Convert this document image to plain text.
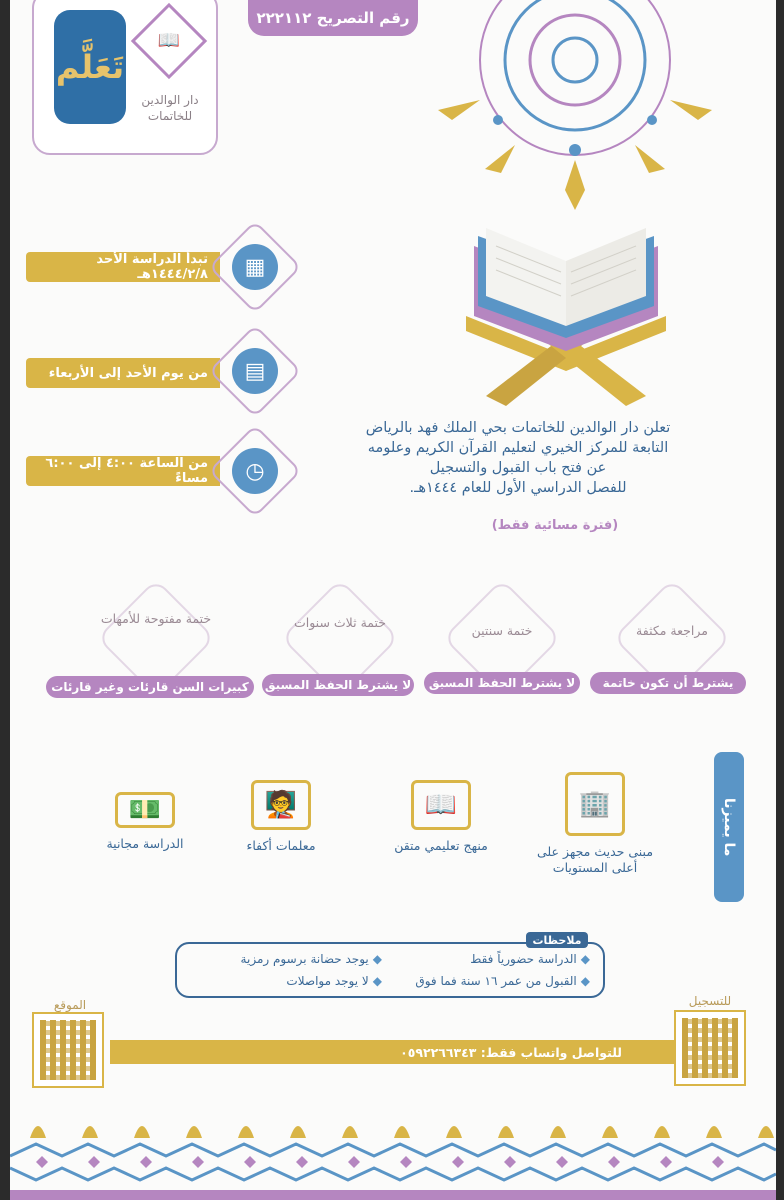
رقم التصريح ٢٢٢١١٢
تَعَلَّم
📖
دار الوالدين للخاتمات
تبدأ الدراسة الأحد ١٤٤٤/٢/٨هـ	▦
من يوم الأحد إلى الأربعاء	▤
من الساعة ٤:٠٠ إلى ٦:٠٠ مساءً	◷
تعلن دار الوالدين للخاتمات بحي الملك فهد بالرياض
التابعة للمركز الخيري لتعليم القرآن الكريم وعلومه
عن فتح باب القبول والتسجيل
للفصل الدراسي الأول للعام ١٤٤٤هـ.
(فترة مسائية فقط)
مراجعة مكثفة
يشترط أن تكون خاتمة
ختمة سنتين
لا يشترط الحفظ المسبق
ختمة ثلاث سنوات
لا يشترط الحفظ المسبق
ختمة مفتوحة للأمهات
كبيرات السن قارئات وغير قارئات
ما يميزنا
🏢
مبنى حديث مجهز على أعلى المستويات
📖
منهج تعليمي متقن
🧑‍🏫
معلمات أكفاء
💵
الدراسة مجانية
ملاحظات
◆الدراسة حضورياً فقط
◆يوجد حضانة برسوم رمزية
◆القبول من عمر ١٦ سنة فما فوق
◆لا يوجد مواصلات
الموقع	للتسجيل
للتواصل واتساب فقط: ٠٥٩٢٢٦٦٣٤٣
